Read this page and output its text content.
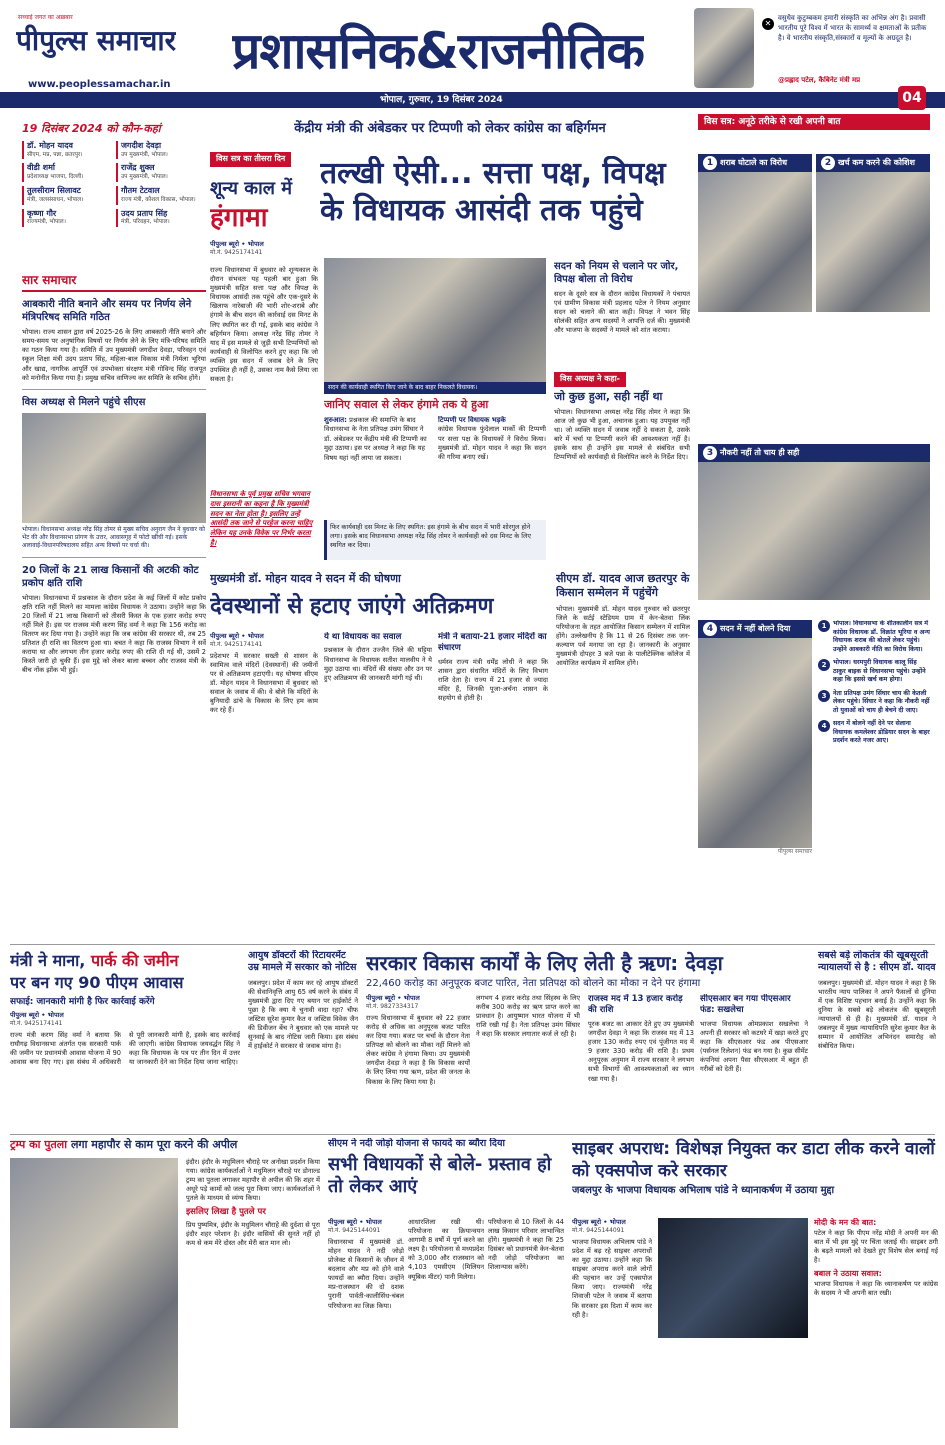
सच्चाई जगत का अख़बार
पीपुल्स समाचार
www.peoplessamachar.in
प्रशासनिक&राजनीतिक
भोपाल, गुरुवार, 19 दिसंबर 2024	04
✕
वसुधैव कुटुम्बकम हमारी संस्कृति का अभिन्न अंग है। प्रवासी भारतीय पूरे विश्व में भारत के सामर्थ्य व क्षमताओं के प्रतीक है। वे भारतीय संस्कृति,संस्कारों व मूल्यों के अग्रदूत है।
@प्रह्लाद पटेल, कैबिनेट मंत्री मप्र
19 दिसंबर 2024 को कौन-कहां
डॉ. मोहन यादव
सीएम, मप्र, पन्ना, छतरपुर।
जगदीश देवड़ा
उप मुख्यमंत्री, भोपाल।
वीडी शर्मा
प्रदेशाध्यक्ष भाजपा, दिल्ली।
राजेंद्र शुक्ल
उप मुख्यमंत्री, भोपाल।
तुलसीराम सिलावट
मंत्री, जलसंसाधन, भोपाल।
गौतम टेटवाल
राज्य मंत्री, कौशल विकास, भोपाल।
कृष्णा गौर
राज्यमंत्री, भोपाल।
उदय प्रताप सिंह
मंत्री, परिवहन, भोपाल।
सार समाचार
आबकारी नीति बनाने और समय पर निर्णय लेने मंत्रिपरिषद समिति गठित
भोपाल। राज्य शासन द्वारा वर्ष 2025-26 के लिए आबकारी नीति बनाने और समय-समय पर अनुषांगिक विषयों पर निर्णय लेने के लिए मंत्रि-परिषद समिति का गठन किया गया है। समिति में उप मुख्यमंत्री जगदीश देवड़ा, परिवहन एवं स्कूल शिक्षा मंत्री उदय प्रताप सिंह, महिला-बाल विकास मंत्री निर्मला भूरिया और खाद्य, नागरिक आपूर्ति एवं उपभोक्ता संरक्षण मंत्री गोविन्द सिंह राजपूत को मनोनीत किया गया है। प्रमुख सचिव वाणिज्य कर समिति के सचिव होंगे।
विस अध्यक्ष से मिलने पहुंचे सीएस
भोपाल। विधानसभा अध्यक्ष नरेंद्र सिंह तोमर से मुख्य सचिव अनुराग जैन ने बुधवार को भेंट की और विधानसभा प्रांगण के उत्तर, आवासगृह में फोटो खींची गई। इसके अलावाई-विधानपरिषदालय सहित अन्य विषयों पर चर्चा की।
20 जिलों के 21 लाख किसानों की अटकी कोट प्रकोप क्षति राशि
भोपाल। विधानसभा में प्रश्नकाल के दौरान प्रदेश के कई जिलों में कोट प्रकोप क्षति राशि नहीं मिलने का मामला कांग्रेस विधायक ने उठाया। उन्होंने कहा कि 20 जिलों में 21 लाख किसानों को तीसरी किस्त के एक हजार करोड़ रुपए नहीं मिले हैं। इस पर राजस्व मंत्री करण सिंह वर्मा ने कहा कि 156 करोड़ का वितरण कर दिया गया है। उन्होंने कहा कि जब कांग्रेस की सरकार थी, तब 25 प्रतिशत ही राशि का वितरण हुआ था। बचत ने कहा कि राजस्व विभाग ने सर्वे कराया था और लगभग तीन हजार करोड़ रुपए की राशि दी गई थी, उसमें 2 किस्तें जारी हो चुकी हैं। इस मुद्दे को लेकर बाला बच्चन और राजस्व मंत्री के बीच नोंक झोंक भी हुई।
केंद्रीय मंत्री की अंबेडकर पर टिप्पणी को लेकर कांग्रेस का बहिर्गमन
विस सत्र का तीसरा दिन
शून्य काल में
हंगामा
पीपुल्स ब्यूरो • भोपाल
मो.नं. 9425174141
तल्खी ऐसी... सत्ता पक्ष, विपक्ष के विधायक आसंदी तक पहुंचे
राज्य विधानसभा में बुधवार को शून्यकाल के दौरान संभवतः यह पहली बार हुआ कि मुख्यमंत्री सहित सत्ता पक्ष और विपक्ष के विधायक आसंदी तक पहुंचे और एक-दूसरे के खिलाफ नारेबाजी की भारी शोर-शराबे और हंगामे के बीच सदन की कार्रवाई दस मिनट के लिए स्थगित कर दी गई, इसके बाद कांग्रेस ने बहिर्गमन किया। अध्यक्ष नरेंद्र सिंह तोमर ने याद में इस मामले से जुड़ी सभी टिप्पणियों को कार्यवाही से विलोपित करने हुए कहा कि जो व्यक्ति इस सदन में जवाब देने के लिए उपस्थित ही नहीं है, उसका नाम कैसे लिया जा सकता है।
विधानसभा के पूर्व प्रमुख सचिव भगवान दास इसरानी का कहना है कि मुख्यमंत्री सदन का नेता होता है। इसलिए उन्हें आसंदी तक जाने से परहेज करना चाहिए लेकिन यह उनके विवेक पर निर्भर करता है।
सदन की कार्यवाही स्थगित किए जाने के बाद बाहर निकलते विधायक।
जानिए सवाल से लेकर हंगामे तक ये हुआ
शुरुआत: प्रश्नकाल की समाप्ति के बाद विधानसभा के नेता प्रतिपक्ष उमंग सिंघार ने डॉ. अंबेडकर पर केंद्रीय मंत्री की टिप्पणी का मुद्दा उठाया। इस पर अध्यक्ष ने कहा कि यह विषय यहां नहीं लाया जा सकता।
टिप्पणी पर विधायक भड़के
कांग्रेस विधायक फुंदेलाल मार्को की टिप्पणी पर सत्ता पक्ष के विधायकों ने विरोध किया। मुख्यमंत्री डॉ. मोहन यादव ने कहा कि सदन की गरिमा बनाए रखें।
फिर कार्यवाही दस मिनट के लिए स्थगित: इस हंगामे के बीच सदन में भारी शोरगुल होने लगा। इसके बाद विधानसभा अध्यक्ष नरेंद्र सिंह तोमर ने कार्यवाही को दस मिनट के लिए स्थगित कर दिया।
सदन को नियम से चलाने पर जोर, विपक्ष बोला तो विरोध
सदन के दूसरे सत्र के दौरान कांग्रेस विधायकों ने पंचायत एवं ग्रामीण विकास मंत्री प्रहलाद पटेल ने नियम अनुसार सदन को चलाने की बात कही। विपक्ष ने भवन सिंह सोलंकी सहित अन्य सदस्यों ने आपत्ति दर्ज की। मुख्यमंत्री और भाजपा के सदस्यों ने मामले को शांत कराया।
विस अध्यक्ष ने कहा-
जो कुछ हुआ, सही नहीं था
भोपाल। विधानसभा अध्यक्ष नरेंद्र सिंह तोमर ने कहा कि आज जो कुछ भी हुआ, अचानक हुआ। यह उपयुक्त नहीं था। जो व्यक्ति सदन में जवाब नहीं दे सकता है, उसके बारे में चर्चा या टिप्पणी करने की आवश्यकता नहीं है। इसके साथ ही उन्होंने इस मामले से संबंधित सभी टिप्पणियों को कार्यवाही से विलोपित करने के निर्देश दिए।
मुख्यमंत्री डॉ. मोहन यादव ने सदन में की घोषणा
देवस्थानों से हटाए जाएंगे अतिक्रमण
पीपुल्स ब्यूरो • भोपाल
मो.नं. 9425174141
प्रदेशभर में सरकार सख्ती से शासन के स्वामित्व वाले मंदिरों (देवस्थानों) की जमीनों पर से अतिक्रमण हटाएगी। यह घोषणा सीएम डॉ. मोहन यादव ने विधानसभा में बुधवार को सवाल के जवाब में की। वे बोले कि मंदिरों के बुनियादी ढांचे के विकास के लिए हम काम कर रहे हैं।
ये था विधायक का सवाल
प्रश्नकाल के दौरान उज्जैन जिले की घट्टिया विधानसभा के विधायक सतीश मालवीय ने ये मुद्दा उठाया था। मंदिरों की संख्या और उन पर हुए अतिक्रमण की जानकारी मांगी गई थी।
मंत्री ने बताया-21 हजार मंदिरों का संधारण
धर्मस्व राज्य मंत्री धर्मेंद्र लोधी ने कहा कि शासन द्वारा संधारित मंदिरों के लिए विभाग राशि देता है। राज्य में 21 हजार से ज्यादा मंदिर हैं, जिनकी पूजा-अर्चना शासन के सहयोग से होती है।
सीएम डॉ. यादव आज छतरपुर के किसान सम्मेलन में पहुंचेंगे
भोपाल। मुख्यमंत्री डॉ. मोहन यादव गुरुवार को छतरपुर जिले के सर्टई स्टेडियम ग्राम में केन-बेतवा लिंक परियोजना के तहत आयोजित किसान सम्मेलन में शामिल होंगे। उल्लेखनीय है कि 11 से 26 दिसंबर तक जन-कल्याण पर्व मनाया जा रहा है। जानकारी के अनुसार मुख्यमंत्री दोपहर 3 बजे पन्ना के पालीटेक्निक कॉलेज में आयोजित कार्यक्रम में शामिल होंगे।
विस सत्र: अनूठे तरीके से रखी अपनी बात
1 शराब घोटाले का विरोध	2 खर्च कम करने की कोशिश
3 नौकरी नहीं तो चाय ही सही
4 सदन में नहीं बोलने दिया
पीपुल्स समाचार
1	भोपाल। विधानसभा के शीतकालीन सत्र में कांग्रेस विधायक डॉ. विक्रांत भूरिया व अन्य विधायक शराब की बोतलें लेकर पहुंचे। उन्होंने आबकारी नीति का विरोध किया।
2	भोपाल। धरमपुरी विधायक कालू सिंह ठाकुर बाइक से विधानसभा पहुंचे। उन्होंने कहा कि इससे खर्च कम होगा।
3	नेता प्रतिपक्ष उमंग सिंघार चाय की केतली लेकर पहुंचे। सिंघार ने कहा कि नौकरी नहीं तो युवाओं को चाय ही बेचने दी जाए।
4	सदन में बोलने नहीं देने पर सेलाना विधायक कमलेश्वर डोडियार सदन के बाहर प्रदर्शन करते नजर आए।
मंत्री ने माना, पार्क की जमीन
पर बन गए 90 पीएम आवास
सफाई: जानकारी मांगी है फिर कार्रवाई करेंगे
पीपुल्स ब्यूरो • भोपाल
मो.नं. 9425174141
राज्य मंत्री करण सिंह वर्मा ने बताया कि राघौगढ़ विधानसभा अंतर्गत एक सरकारी पार्क की जमीन पर प्रधानमंत्री आवास योजना में 90 आवास बना दिए गए। इस संबंध में अधिकारी से पूरी जानकारी मांगी है, इसके बाद कार्रवाई की जाएगी। कांग्रेस विधायक जयवर्द्धन सिंह ने कहा कि विधायक के पत्र पर तीन दिन में उत्तर या जानकारी देने का निर्देश दिया जाना चाहिए।
आयुष डॉक्टरों की रिटायरमेंट उम्र मामले में सरकार को नोटिस
जबलपुर। प्रदेश में काम कर रहे आयुष डॉक्टरों की सेवानिवृत्ति आयु 65 वर्ष करने के संबंध में मुख्यमंत्री द्वारा दिए गए बयान पर हाईकोर्ट ने पूछा है कि क्या ये चुनावी वादा रहा? चीफ जस्टिस सुरेश कुमार कैत व जस्टिस विवेक जैन की डिवीजन बेंच ने बुधवार को एक मामले पर सुनवाई के बाद नोटिस जारी किया। इस संबंध में हाईकोर्ट ने सरकार से जवाब मांगा है।
सरकार विकास कार्यों के लिए लेती है ऋण: देवड़ा
22,460 करोड़ का अनुपूरक बजट पारित, नेता प्रतिपक्ष को बोलने का मौका न देने पर हंगामा
पीपुल्स ब्यूरो • भोपाल
मो.नं. 9827334317
राज्य विधानसभा में बुधवार को 22 हजार करोड़ से अधिक का अनुपूरक बजट पारित कर दिया गया। बजट पर चर्चा के दौरान नेता प्रतिपक्ष को बोलने का मौका नहीं मिलने को लेकर कांग्रेस ने हंगामा किया। उप मुख्यमंत्री जगदीश देवड़ा ने कहा है कि विकास कार्यों के लिए लिया गया ऋण, प्रदेश की जनता के विकास के लिए किया गया है।
लगभग 4 हजार करोड़ तथा सिंहस्थ के लिए करीब 300 करोड़ का ऋण प्राप्त करने का प्रावधान है। आयुष्मान भारत योजना में भी राशि रखी गई है। नेता प्रतिपक्ष उमंग सिंघार ने कहा कि सरकार लगातार कर्ज ले रही है।
राजस्व मद में 13 हजार करोड़ की राशि
पूरक बजट का आकार देते हुए उप मुख्यमंत्री जगदीश देवड़ा ने कहा कि राजस्व मद में 13 हजार 130 करोड़ रुपए एवं पूंजीगत मद में 9 हजार 330 करोड़ की राशि है। प्रथम अनुपूरक अनुमान में राज्य सरकार ने लगभग सभी विभागों की आवश्यकताओं का ध्यान रखा गया है।
सीएसआर बन गया पीएसआर फंड: सखलेचा
भाजपा विधायक ओमप्रकाश सखलेचा ने अपनी ही सरकार को कटघरे में खड़ा करते हुए कहा कि सीएसआर फंड अब पीएसआर (पर्सनल रिलेशन) फंड बन गया है। कुछ सीमेंट कंपनियां अपना पैसा सीएसआर में बहुत ही गरीबों को देती हैं।
सबसे बड़े लोकतंत्र की खूबसूरती न्यायालयों से है : सीएम डॉ. यादव
जबलपुर। मुख्यमंत्री डॉ. मोहन यादव ने कहा है कि भारतीय न्याय पालिका ने अपने फैसलों से दुनिया में एक विशिष्ट पहचान बनाई है। उन्होंने कहा कि दुनिया के सबसे बड़े लोकतंत्र की खूबसूरती न्यायालयों से ही है। मुख्यमंत्री डॉ. यादव ने जबलपुर में मुख्य न्यायाधिपति सुरेश कुमार कैत के सम्मान में आयोजित अभिनंदन समारोह को संबोधित किया।
ट्रम्प का पुतला लगा महापौर से काम पूरा करने की अपील
इंदौर। इंदौर के मधुमिलन चौराहे पर अनोखा प्रदर्शन किया गया। कांग्रेस कार्यकर्ताओं ने मधुमिलन चौराहे पर डोनाल्ड ट्रम्प का पुतला लगाकर महापौर से अपील की कि शहर में अधूरे पड़े कामों को जल्द पूरा किया जाए। कार्यकर्ताओं ने पुतले के माध्यम से व्यंग्य किया।
इसलिए लिखा है पुतले पर
प्रिय पुष्यमित्र, इंदौर के मधुमिलन चौराहे की दुर्दशा से पूरा इंदौर शहर परेशान है। इंदौर वासियों की सुनते नहीं हो कम से कम मेरे दोस्त और मेरी बात मान लो।
सीएम ने नदी जोड़ो योजना से फायदे का ब्यौरा दिया
सभी विधायकों से बोले- प्रस्ताव हो तो लेकर आएं
पीपुल्स ब्यूरो • भोपाल
मो.नं. 9425144091
विधानसभा में मुख्यमंत्री डॉ. मोहन यादव ने नदी जोड़ो प्रोजेक्ट से किसानों के जीवन में बदलाव और मप्र को होने वाले फायदों का ब्यौरा दिया। उन्होंने मप्र-राजस्थान की दो दशक पुरानी पार्वती-कालीसिंध-चंबल परियोजना का जिक्र किया।
आधारशिला रखी थी। परियोजना का क्रियान्वयन आगामी 8 वर्षों में पूर्ण करने का लक्ष्य है। परियोजना से मध्यप्रदेश को 3,000 और राजस्थान को 4,103 एमसीएम (मिलियन क्यूबिक मीटर) पानी मिलेगा।
परियोजना से 10 जिलों के 44 लाख किसान परिवार लाभान्वित होंगे। मुख्यमंत्री ने कहा कि 25 दिसंबर को प्रधानमंत्री केन-बेतवा नदी जोड़ो परियोजना का शिलान्यास करेंगे।
साइबर अपराध: विशेषज्ञ नियुक्त कर डाटा लीक करने वालों को एक्सपोज करे सरकार
जबलपुर के भाजपा विधायक अभिलाष पांडे ने ध्यानाकर्षण में उठाया मुद्दा
पीपुल्स ब्यूरो • भोपाल
मो.नं. 9425144091
भाजपा विधायक अभिलाष पांडे ने प्रदेश में बढ़ रहे साइबर अपराधों का मुद्दा उठाया। उन्होंने कहा कि साइबर अपराध करने वाले लोगों की पहचान कर उन्हें एक्सपोज किया जाए। राज्यमंत्री नरेंद्र शिवाजी पटेल ने जवाब में बताया कि सरकार इस दिशा में काम कर रही है।
मोदी के मन की बात:
पटेल ने कहा कि पीएम नरेंद्र मोदी ने अपनी मन की बात में भी इस मुद्दे पर चिंता जताई थी। साइबर ठगी के बढ़ते मामलों को देखते हुए विशेष सेल बनाई गई है।
बबाल ने उठाया सवाल:
भाजपा विधायक ने कहा कि ध्यानाकर्षण पर कांग्रेस के सदस्य ने भी अपनी बात रखी।
